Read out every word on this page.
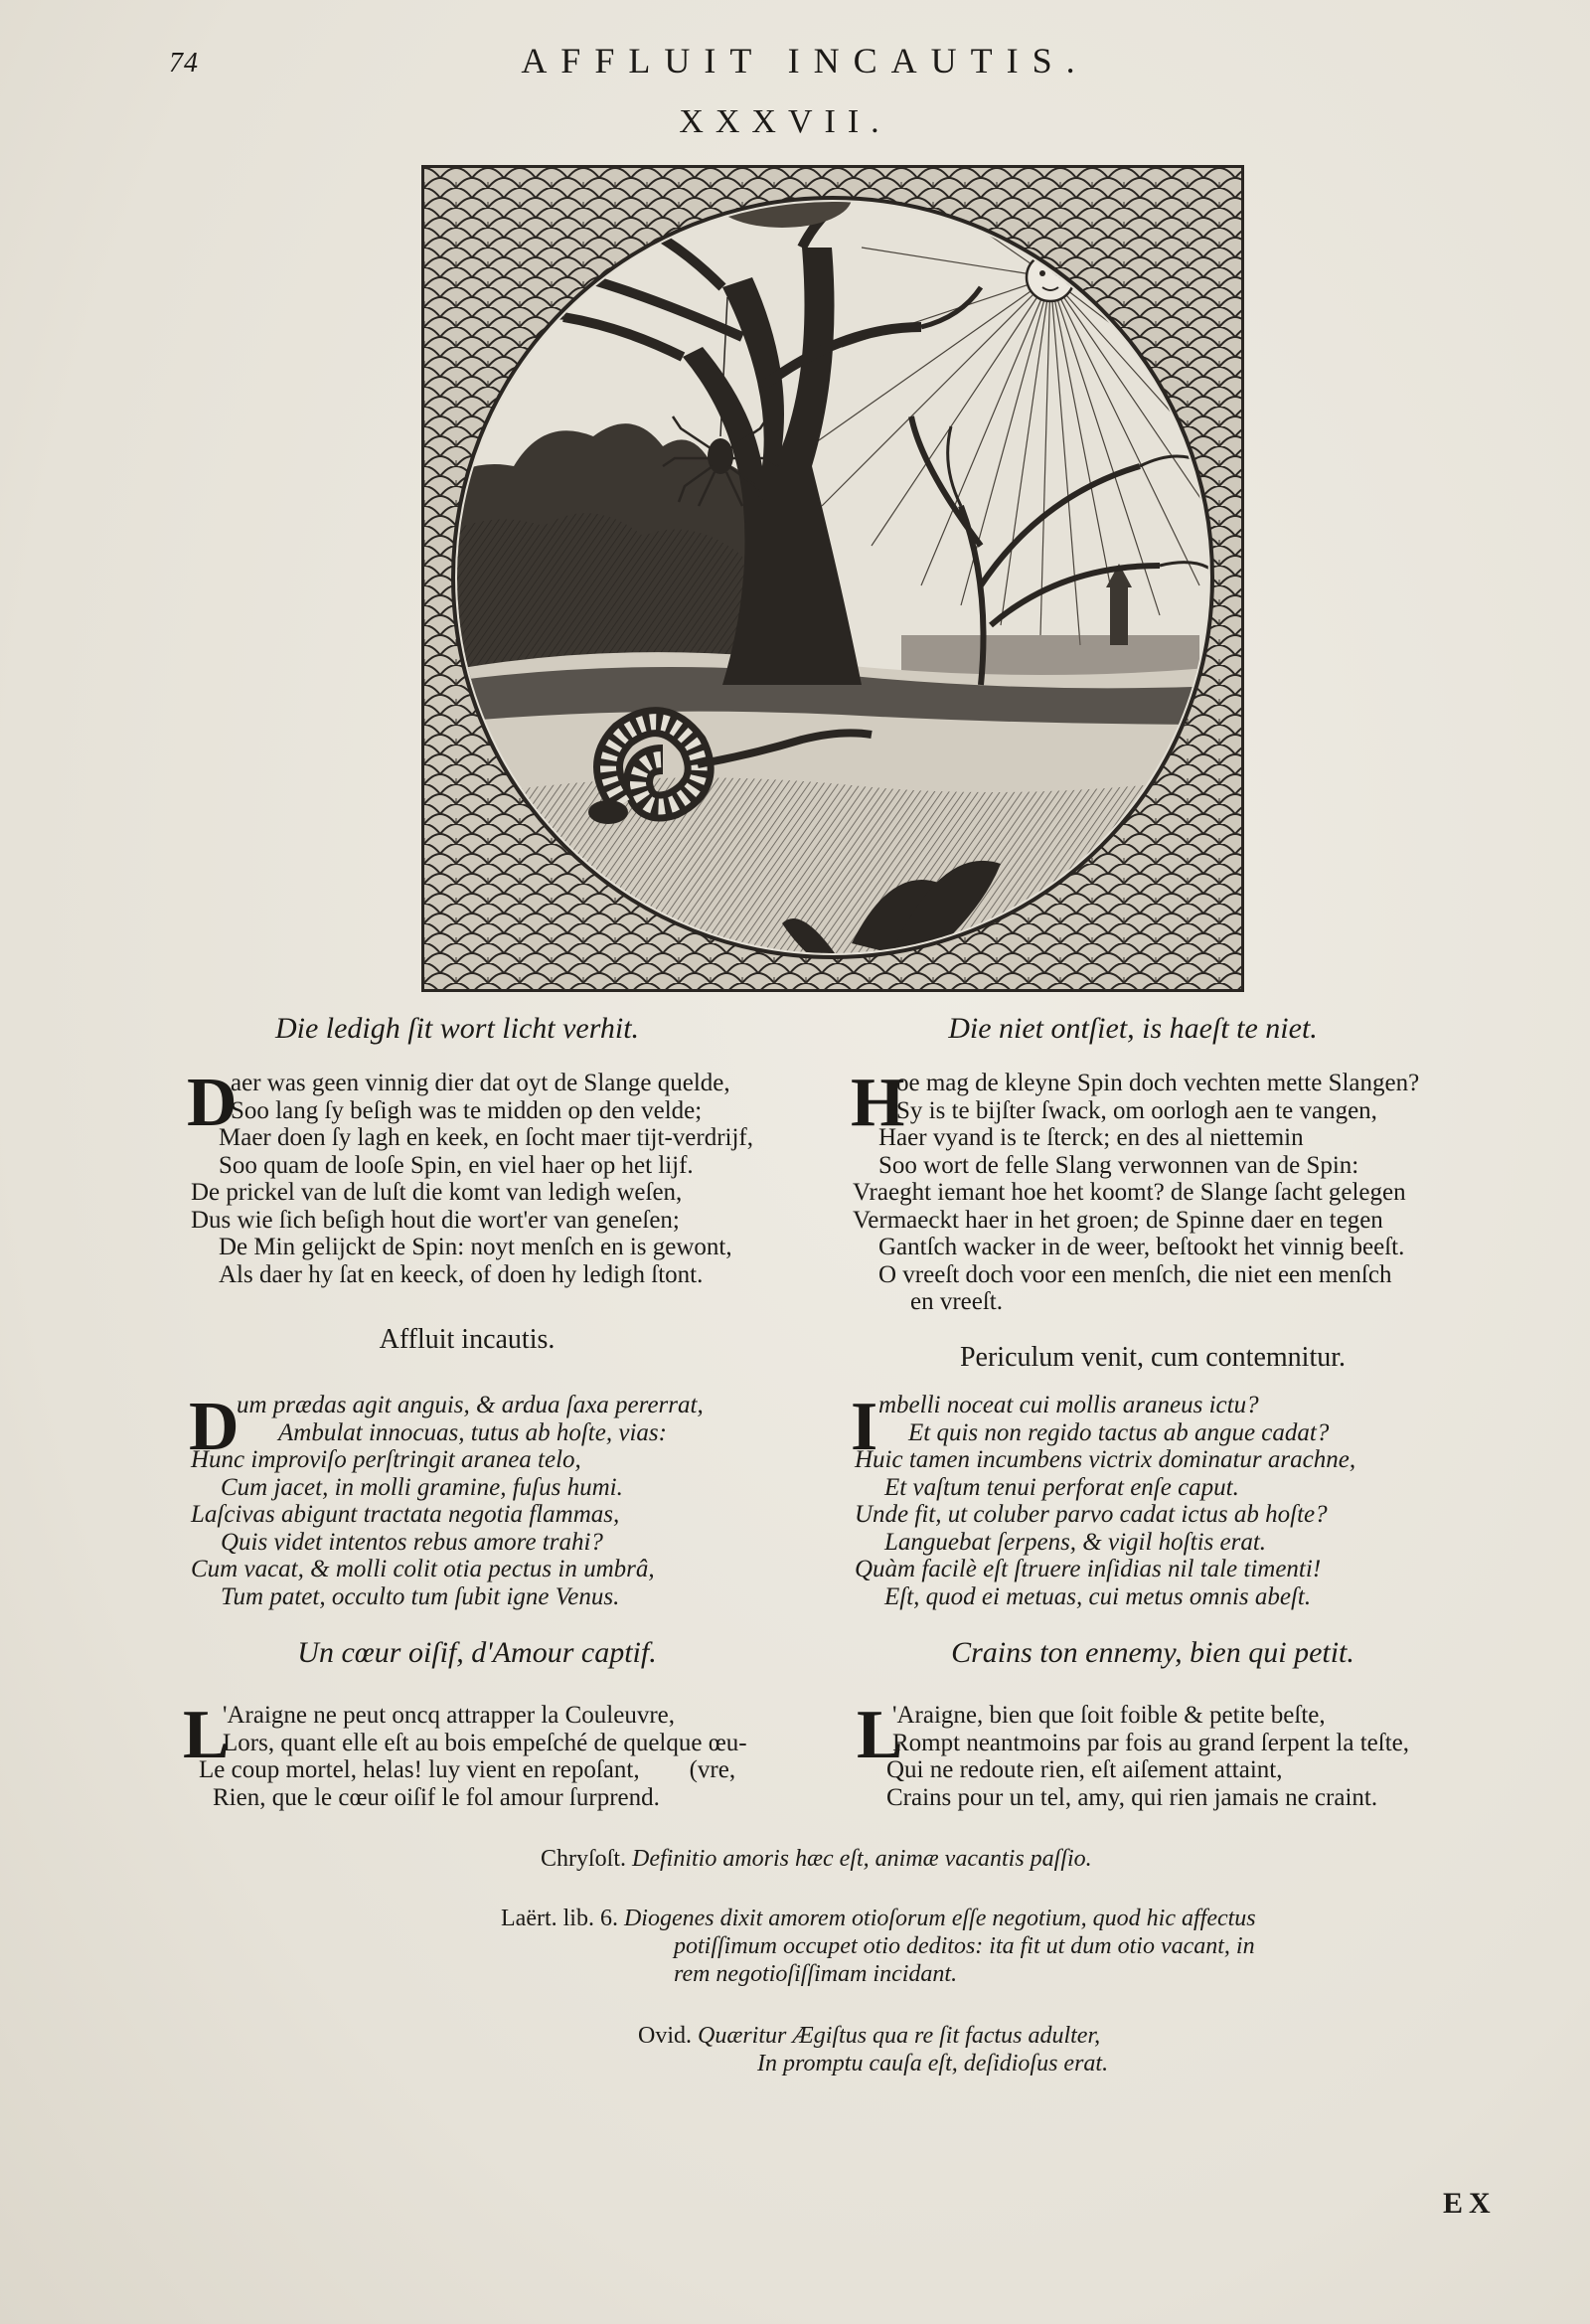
74	AFFLUIT INCAUTIS.
XXXVII.
Die ledigh ſit wort licht verhit.	Die niet ontſiet, is haeſt te niet.
D
aer was geen vinnig dier dat oyt de Slange quelde,
Soo lang ſy beſigh was te midden op den velde;
Maer doen ſy lagh en keek, en ſocht maer tijt-verdrijf,
Soo quam de looſe Spin, en viel haer op het lijf.
De prickel van de luſt die komt van ledigh weſen,
Dus wie ſich beſigh hout die wort'er van geneſen;
De Min gelijckt de Spin: noyt menſch en is gewont,
Als daer hy ſat en keeck, of doen hy ledigh ſtont.
H
oe mag de kleyne Spin doch vechten mette Slangen?
Sy is te bijſter ſwack, om oorlogh aen te vangen,
Haer vyand is te ſterck; en des al niettemin
Soo wort de felle Slang verwonnen van de Spin:
Vraeght iemant hoe het koomt? de Slange ſacht gelegen
Vermaeckt haer in het groen; de Spinne daer en tegen
Gantſch wacker in de weer, beſtookt het vinnig beeſt.
O vreeſt doch voor een menſch, die niet een menſch
en vreeſt.
Affluit incautis.
Periculum venit, cum contemnitur.
D
um prædas agit anguis, & ardua ſaxa pererrat,
Ambulat innocuas, tutus ab hoſte, vias:
Hunc improviſo perſtringit aranea telo,
Cum jacet, in molli gramine, fuſus humi.
Laſcivas abigunt tractata negotia flammas,
Quis videt intentos rebus amore trahi?
Cum vacat, & molli colit otia pectus in umbrâ,
Tum patet, occulto tum ſubit igne Venus.
I mbelli noceat cui mollis araneus ictu?
Et quis non regido tactus ab angue cadat?
Huic tamen incumbens victrix dominatur arachne,
Et vaſtum tenui perforat enſe caput.
Unde fit, ut coluber parvo cadat ictus ab hoſte?
Languebat ſerpens, & vigil hoſtis erat.
Quàm facilè eſt ſtruere inſidias nil tale timenti!
Eſt, quod ei metuas, cui metus omnis abeſt.
Un cœur oiſif, d'Amour captif.	Crains ton ennemy, bien qui petit.
L
'Araigne ne peut oncq attrapper la Couleuvre,
Lors, quant elle eſt au bois empeſché de quelque œu-
Le coup mortel, helas! luy vient en repoſant,        (vre,
Rien, que le cœur oiſif le fol amour ſurprend.
L
'Araigne, bien que ſoit foible & petite beſte,
Rompt neantmoins par fois au grand ſerpent la teſte,
Qui ne redoute rien, eſt aiſement attaint,
Crains pour un tel, amy, qui rien jamais ne craint.
Chryſoſt. Definitio amoris hæc eſt, animæ vacantis paſſio.
Laërt. lib. 6. Diogenes dixit amorem otioſorum eſſe negotium, quod hic affectus
potiſſimum occupet otio deditos: ita fit ut dum otio vacant, in
rem negotioſiſſimam incidant.
Ovid. Quæritur Ægiſtus qua re ſit factus adulter,
In promptu cauſa eſt, deſidioſus erat.
EX
